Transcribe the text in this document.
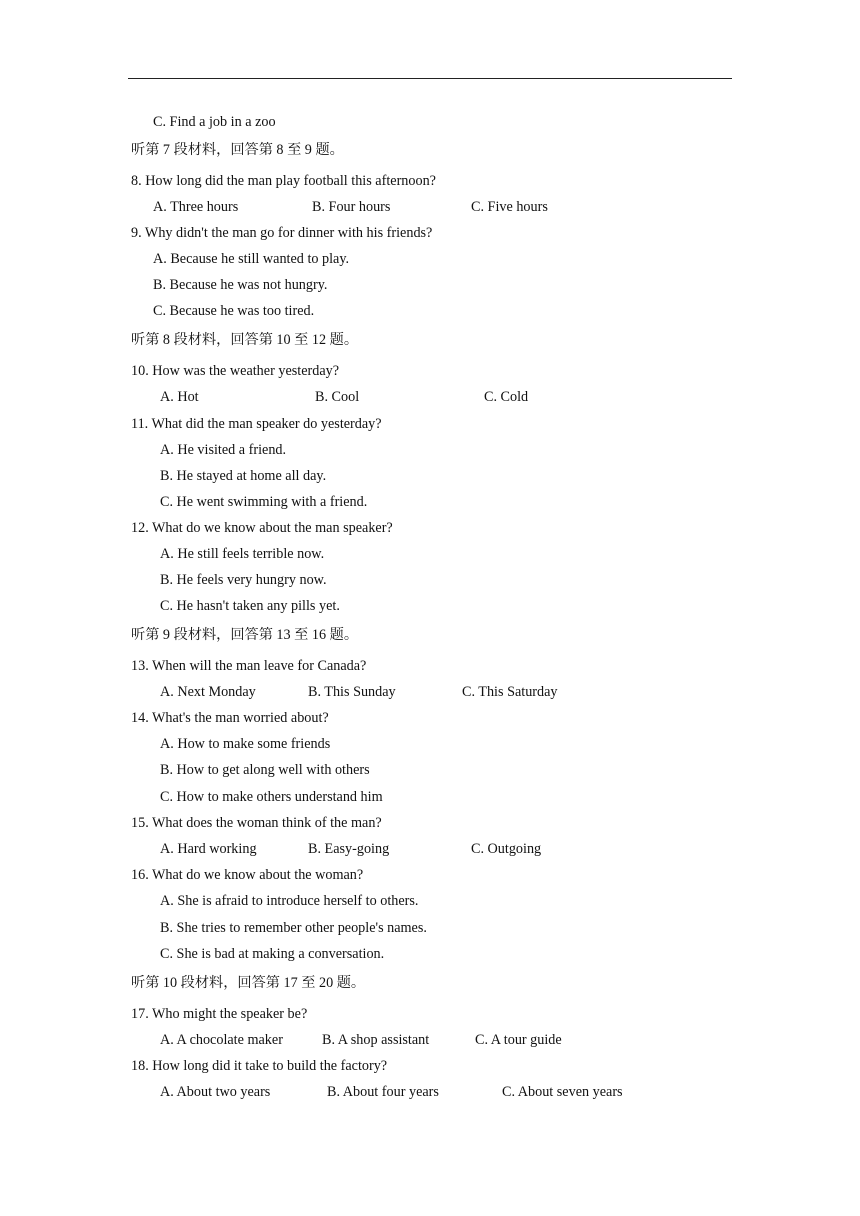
C. Find a job in a zoo
听第 7 段材料，回答第 8 至 9 题。
8. How long did the man play football this afternoon?
A. Three hours	B. Four hours	C. Five hours
9. Why didn't the man go for dinner with his friends?
A. Because he still wanted to play.
B. Because he was not hungry.
C. Because he was too tired.
听第 8 段材料，回答第 10 至 12 题。
10. How was the weather yesterday?
A. Hot	B. Cool	C. Cold
11. What did the man speaker do yesterday?
A. He visited a friend.
B. He stayed at home all day.
C. He went swimming with a friend.
12. What do we know about the man speaker?
A. He still feels terrible now.
B. He feels very hungry now.
C. He hasn't taken any pills yet.
听第 9 段材料，回答第 13 至 16 题。
13. When will the man leave for Canada?
A. Next Monday	B. This Sunday	C. This Saturday
14. What's the man worried about?
A. How to make some friends
B. How to get along well with others
C. How to make others understand him
15. What does the woman think of the man?
A. Hard working	B. Easy-going	C. Outgoing
16. What do we know about the woman?
A. She is afraid to introduce herself to others.
B. She tries to remember other people's names.
C. She is bad at making a conversation.
听第 10 段材料，回答第 17 至 20 题。
17. Who might the speaker be?
A. A chocolate maker	B. A shop assistant	C. A tour guide
18. How long did it take to build the factory?
A. About two years	B. About four years	C. About seven years
